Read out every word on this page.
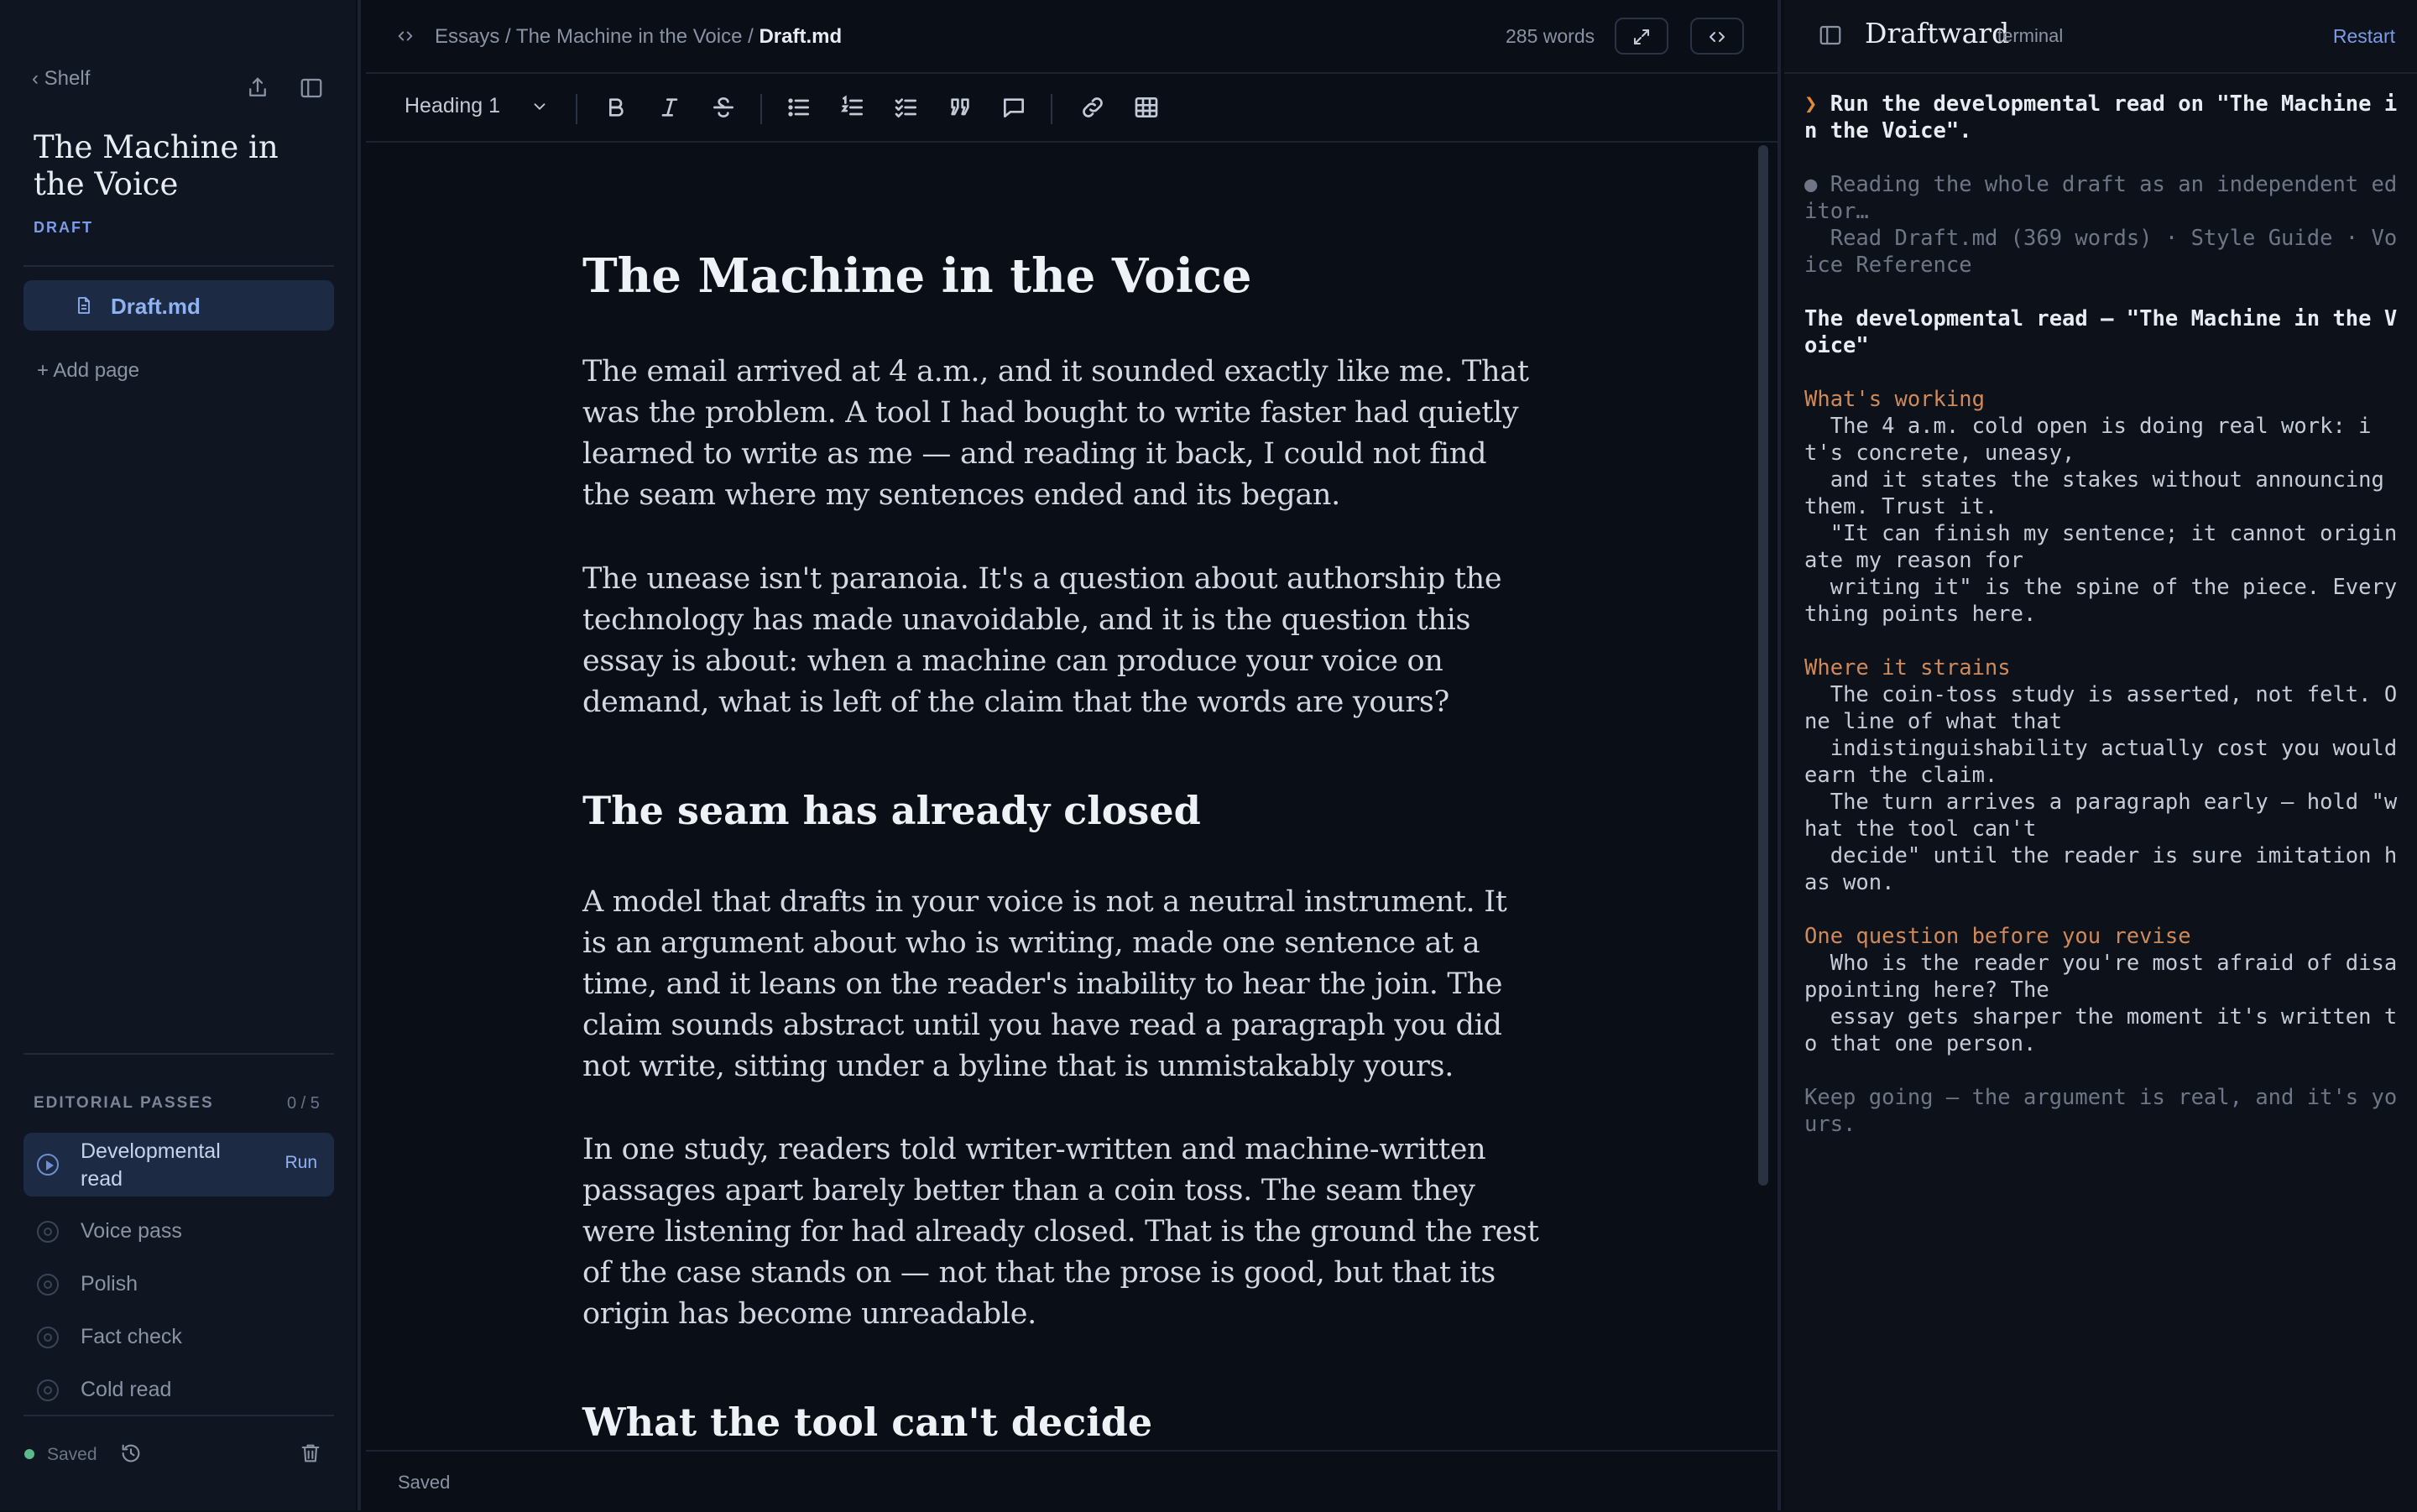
‹ Shelf
The Machine in the Voice
DRAFT
Draft.md
+ Add page
EDITORIAL PASSES	0 / 5
Developmental read
Run
Voice pass
Polish
Fact check
Cold read
Saved
Essays / The Machine in the Voice / Draft.md	285 words
Heading 1
The Machine in the Voice

The email arrived at 4 a.m., and it sounded exactly like me. That was the problem. A tool I had bought to write faster had quietly learned to write as me — and reading it back, I could not find the seam where my sentences ended and its began.

The unease isn't paranoia. It's a question about authorship the technology has made unavoidable, and it is the question this essay is about: when a machine can produce your voice on demand, what is left of the claim that the words are yours?

The seam has already closed

A model that drafts in your voice is not a neutral instrument. It is an argument about who is writing, made one sentence at a time, and it leans on the reader's inability to hear the join. The claim sounds abstract until you have read a paragraph you did not write, sitting under a byline that is unmistakably yours.

In one study, readers told writer-written and machine-written passages apart barely better than a coin toss. The seam they were listening for had already closed. That is the ground the rest of the case stands on — not that the prose is good, but that its origin has become unreadable.

What the tool can't decide
Saved
Draftward
terminal	Restart
❯ Run the developmental read on "The Machine in the Voice".
● Reading the whole draft as an independent editor…
Read Draft.md (369 words) · Style Guide · Voice Reference
The developmental read — "The Machine in the Voice"
What's working
The 4 a.m. cold open is doing real work: it's concrete, uneasy,
and it states the stakes without announcing them. Trust it.
"It can finish my sentence; it cannot originate my reason for
writing it" is the spine of the piece. Everything points here.
Where it strains
The coin-toss study is asserted, not felt. One line of what that
indistinguishability actually cost you would earn the claim.
The turn arrives a paragraph early — hold "what the tool can't
decide" until the reader is sure imitation has won.
One question before you revise
Who is the reader you're most afraid of disappointing here? The
essay gets sharper the moment it's written to that one person.
Keep going — the argument is real, and it's yours.
